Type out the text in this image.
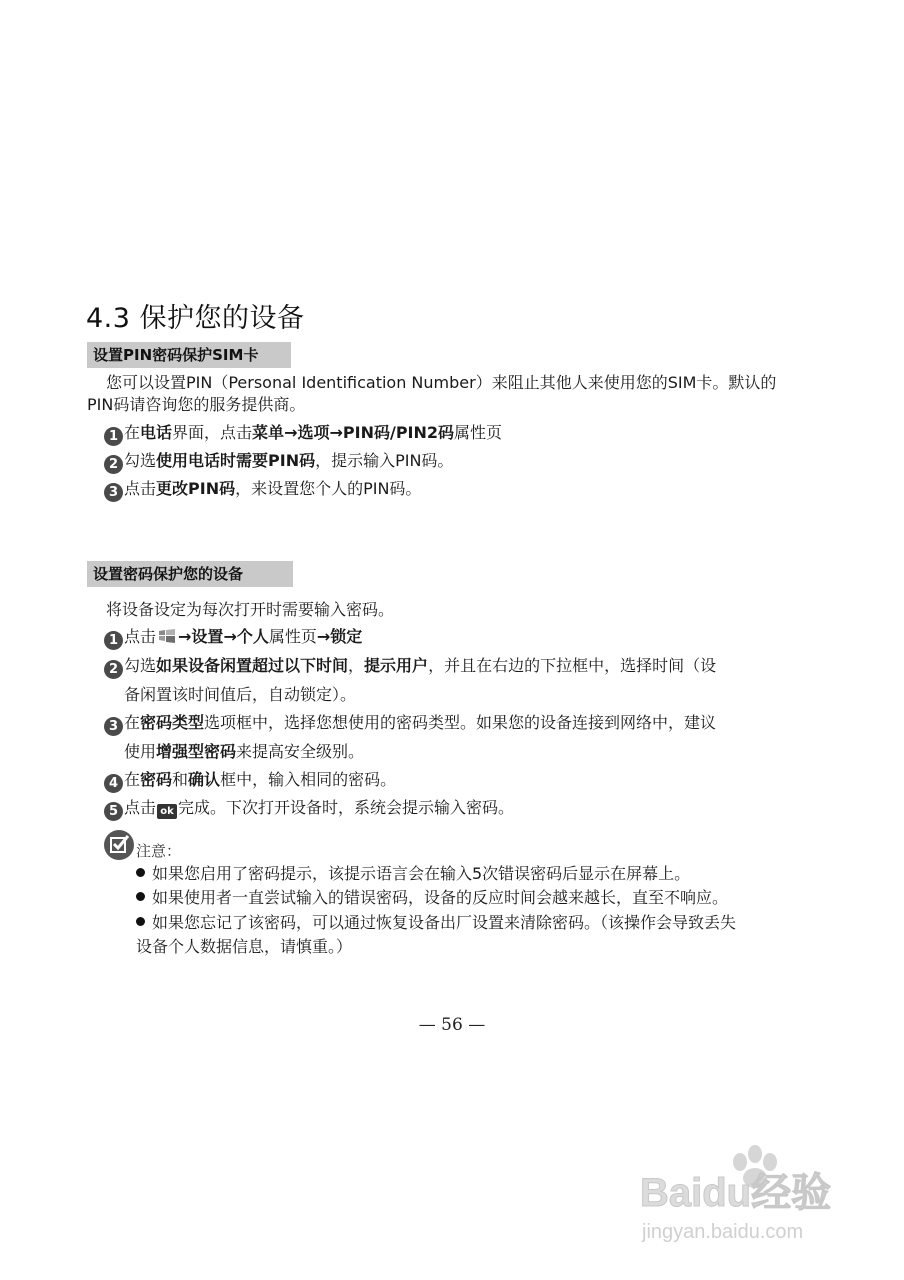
4.3 保护您的设备
设置PIN密码保护SIM卡
您可以设置PIN（Personal Identification Number）来阻止其他人来使用您的SIM卡。默认的
PIN码请咨询您的服务提供商。
1 在电话界面，点击菜单→选项→PIN码/PIN2码属性页
2 勾选使用电话时需要PIN码，提示输入PIN码。
3 点击更改PIN码，来设置您个人的PIN码。
设置密码保护您的设备
将设备设定为每次打开时需要输入密码。
1 点击 →设置→个人属性页→锁定
2 勾选如果设备闲置超过以下时间，提示用户，并且在右边的下拉框中，选择时间（设
备闲置该时间值后，自动锁定）。
3 在密码类型选项框中，选择您想使用的密码类型。如果您的设备连接到网络中，建议
使用增强型密码来提高安全级别。
4 在密码和确认框中，输入相同的密码。
5 点击 ok 完成。下次打开设备时，系统会提示输入密码。
注意：
如果您启用了密码提示，该提示语言会在输入5次错误密码后显示在屏幕上。
如果使用者一直尝试输入的错误密码，设备的反应时间会越来越长，直至不响应。
如果您忘记了该密码，可以通过恢复设备出厂设置来清除密码。（该操作会导致丢失
设备个人数据信息，请慎重。）
— 56 —
Baidu经验
jingyan.baidu.com
